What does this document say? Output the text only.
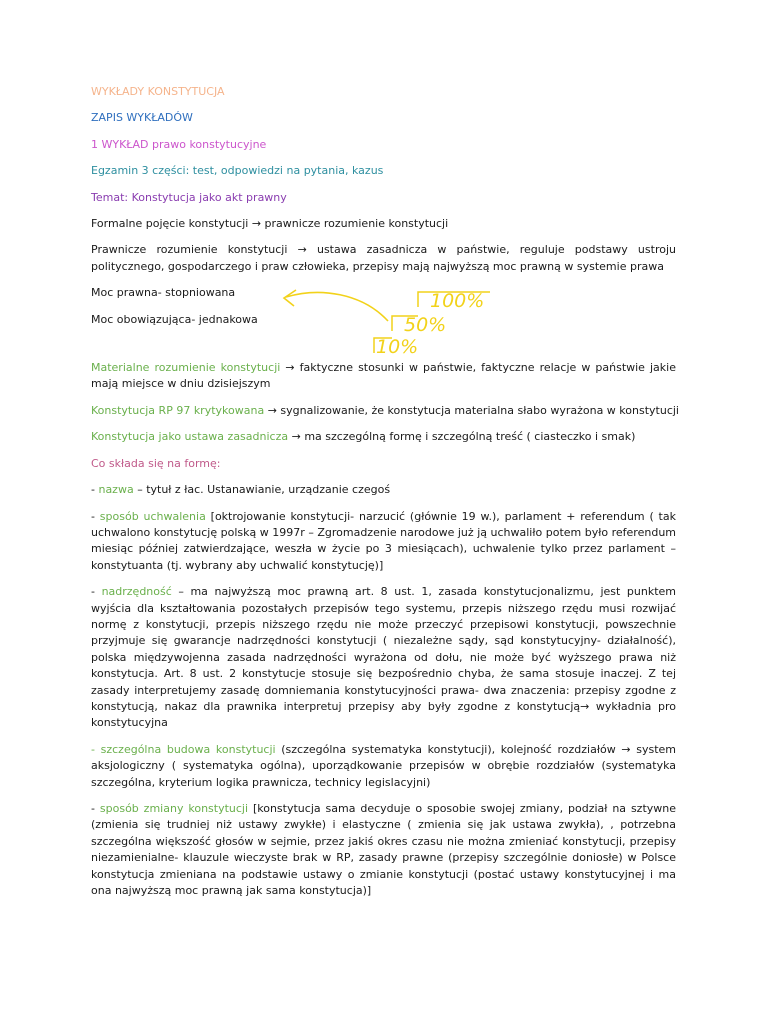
WYKŁADY KONSTYTUCJA

ZAPIS WYKŁADÓW

1 WYKŁAD prawo konstytucyjne

Egzamin 3 części: test, odpowiedzi na pytania, kazus

Temat: Konstytucja jako akt prawny

Formalne pojęcie konstytucji → prawnicze rozumienie konstytucji

Prawnicze rozumienie konstytucji → ustawa zasadnicza w państwie, reguluje podstawy ustroju politycznego, gospodarczego i praw człowieka, przepisy mają najwyższą moc prawną w systemie prawa

Moc prawna- stopniowana

Moc obowiązująca- jednakowa

Materialne rozumienie konstytucji → faktyczne stosunki w państwie, faktyczne relacje w państwie jakie mają miejsce w dniu dzisiejszym

Konstytucja RP 97 krytykowana → sygnalizowanie, że konstytucja materialna słabo wyrażona w konstytucji

Konstytucja jako ustawa zasadnicza → ma szczególną formę i szczególną treść ( ciasteczko i smak)

Co składa się na formę:

- nazwa – tytuł z łac. Ustanawianie, urządzanie czegoś

- sposób uchwalenia [oktrojowanie konstytucji- narzucić (głównie 19 w.), parlament + referendum ( tak uchwalono konstytucję polską w 1997r – Zgromadzenie narodowe już ją uchwaliło potem było referendum miesiąc później zatwierdzające, weszła w życie po 3 miesiącach), uchwalenie tylko przez parlament – konstytuanta (tj. wybrany aby uchwalić konstytucję)]

- nadrzędność – ma najwyższą moc prawną art. 8 ust. 1, zasada konstytucjonalizmu, jest punktem wyjścia dla kształtowania pozostałych przepisów tego systemu, przepis niższego rzędu musi rozwijać normę z konstytucji, przepis niższego rzędu nie może przeczyć przepisowi konstytucji, powszechnie przyjmuje się gwarancje nadrzędności konstytucji ( niezależne sądy, sąd konstytucyjny- działalność), polska międzywojenna zasada nadrzędności wyrażona od dołu, nie może być wyższego prawa niż konstytucja. Art. 8 ust. 2 konstytucje stosuje się bezpośrednio chyba, że sama stosuje inaczej. Z tej zasady interpretujemy zasadę domniemania konstytucyjności prawa- dwa znaczenia: przepisy zgodne z konstytucją, nakaz dla prawnika interpretuj przepisy aby były zgodne z konstytucją→ wykładnia pro konstytucyjna

- szczególna budowa konstytucji (szczególna systematyka konstytucji), kolejność rozdziałów → system aksjologiczny ( systematyka ogólna), uporządkowanie przepisów w obrębie rozdziałów (systematyka szczególna, kryterium logika prawnicza, technicy legislacyjni)

- sposób zmiany konstytucji [konstytucja sama decyduje o sposobie swojej zmiany, podział na sztywne (zmienia się trudniej niż ustawy zwykłe) i elastyczne ( zmienia się jak ustawa zwykła), , potrzebna szczególna większość głosów w sejmie, przez jakiś okres czasu nie można zmieniać konstytucji, przepisy niezamienialne- klauzule wieczyste brak w RP, zasady prawne (przepisy szczególnie doniosłe) w Polsce konstytucja zmieniana na podstawie ustawy o zmianie konstytucji (postać ustawy konstytucyjnej i ma ona najwyższą moc prawną jak sama konstytucja)]

100%
50%
10%
